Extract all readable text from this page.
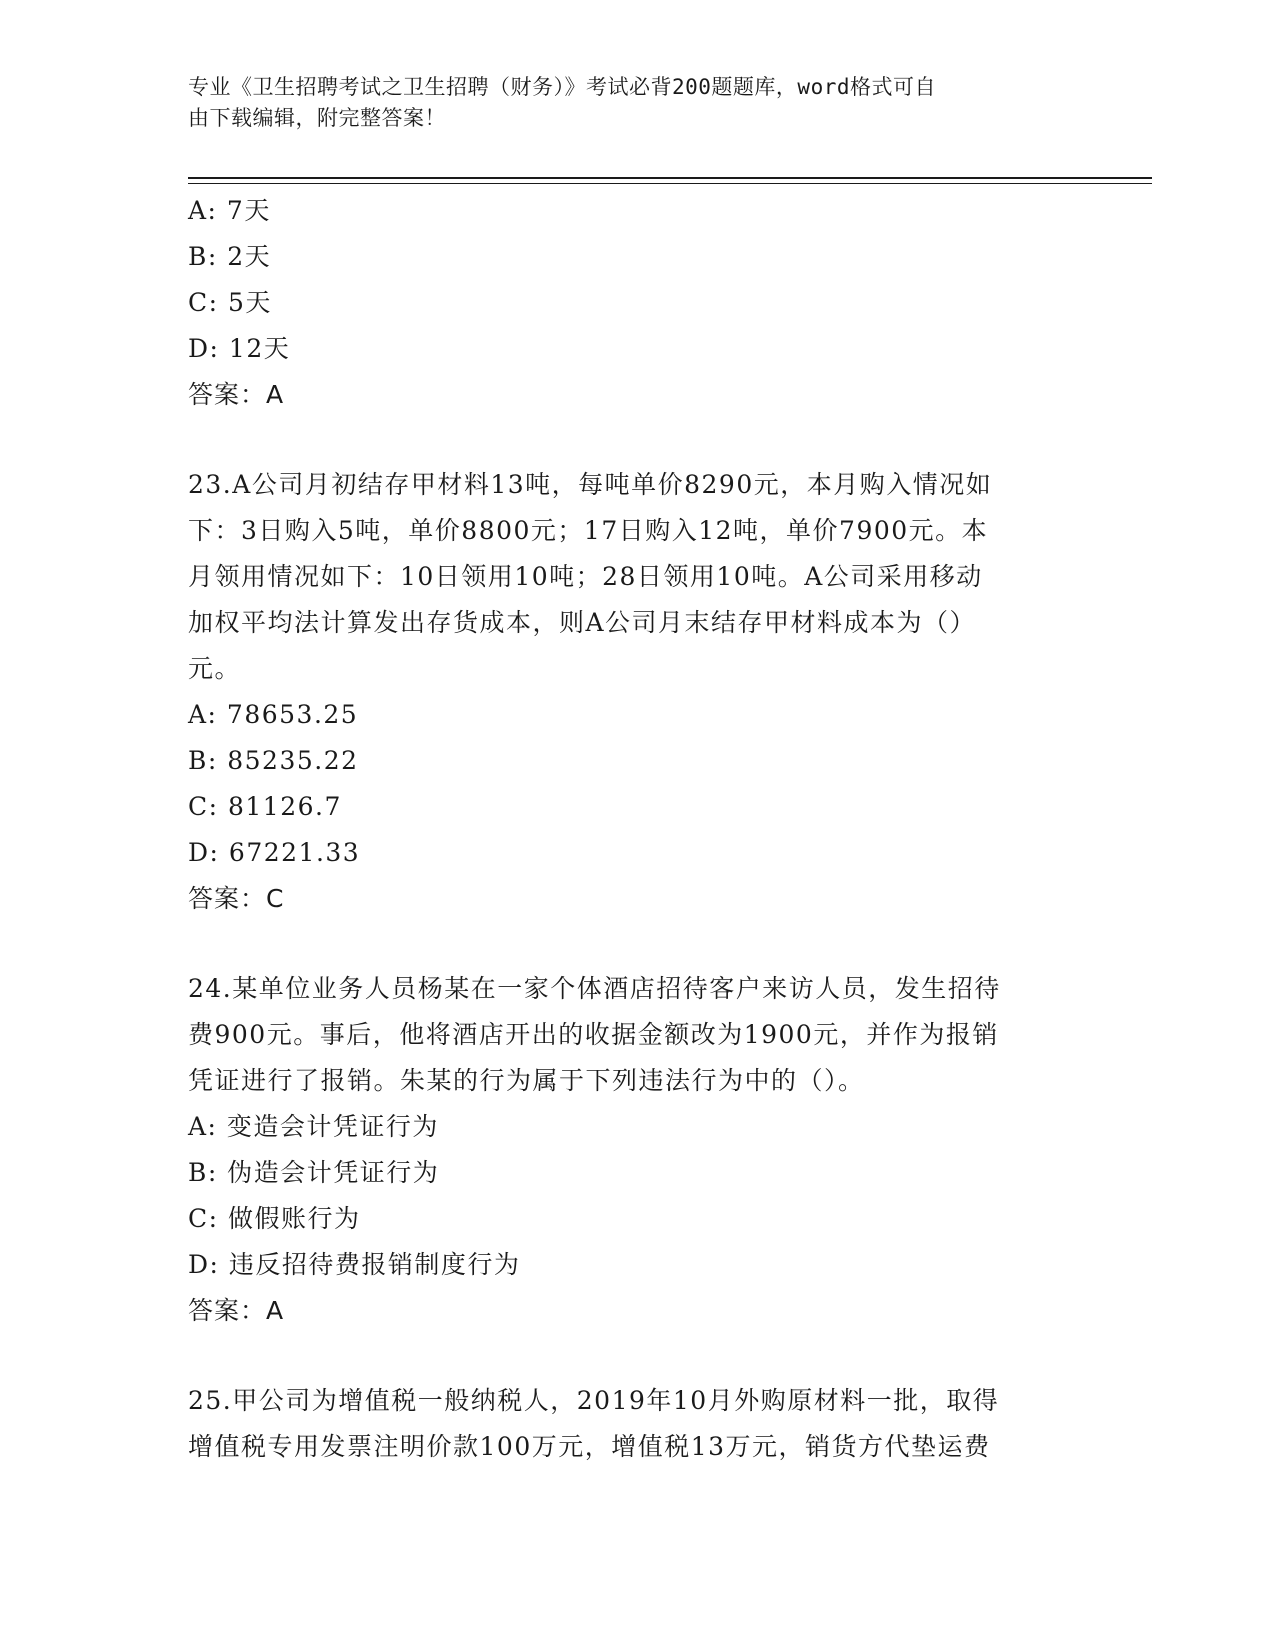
专业《卫生招聘考试之卫生招聘（财务）》考试必背200题题库，word格式可自
由下载编辑，附完整答案！
A: 7天
B: 2天
C: 5天
D: 12天
答案：A
23.A公司月初结存甲材料13吨，每吨单价8290元，本月购入情况如
下：3日购入5吨，单价8800元；17日购入12吨，单价7900元。本
月领用情况如下：10日领用10吨；28日领用10吨。A公司采用移动
加权平均法计算发出存货成本，则A公司月末结存甲材料成本为（）
元。
A: 78653.25
B: 85235.22
C: 81126.7
D: 67221.33
答案：C
24.某单位业务人员杨某在一家个体酒店招待客户来访人员，发生招待
费900元。事后，他将酒店开出的收据金额改为1900元，并作为报销
凭证进行了报销。朱某的行为属于下列违法行为中的（）。
A: 变造会计凭证行为
B: 伪造会计凭证行为
C: 做假账行为
D: 违反招待费报销制度行为
答案：A
25.甲公司为增值税一般纳税人，2019年10月外购原材料一批，取得
增值税专用发票注明价款100万元，增值税13万元，销货方代垫运费
